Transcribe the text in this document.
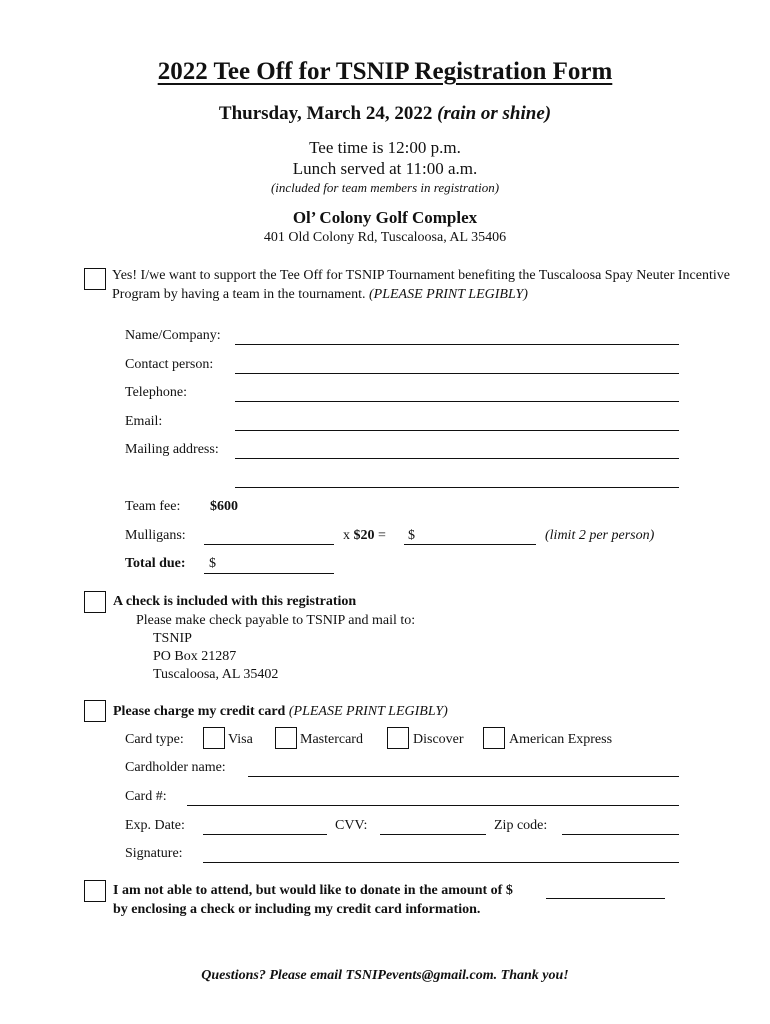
2022 Tee Off for TSNIP Registration Form
Thursday, March 24, 2022 (rain or shine)
Tee time is 12:00 p.m.
Lunch served at 11:00 a.m.
(included for team members in registration)
Ol’ Colony Golf Complex
401 Old Colony Rd, Tuscaloosa, AL 35406
Yes! I/we want to support the Tee Off for TSNIP Tournament benefiting the Tuscaloosa Spay Neuter Incentive Program by having a team in the tournament. (PLEASE PRINT LEGIBLY)
Name/Company:
Contact person:
Telephone:
Email:
Mailing address:
Team fee: $600
Mulligans:	x $20 = $	(limit 2 per person)
Total due: $
A check is included with this registration
Please make check payable to TSNIP and mail to:
TSNIP
PO Box 21287
Tuscaloosa, AL 35402
Please charge my credit card (PLEASE PRINT LEGIBLY)
Card type:	Visa	Mastercard	Discover	American Express
Cardholder name:
Card #:
Exp. Date:	CVV:	Zip code:
Signature:
I am not able to attend, but would like to donate in the amount of $
by enclosing a check or including my credit card information.
Questions? Please email TSNIPevents@gmail.com. Thank you!
